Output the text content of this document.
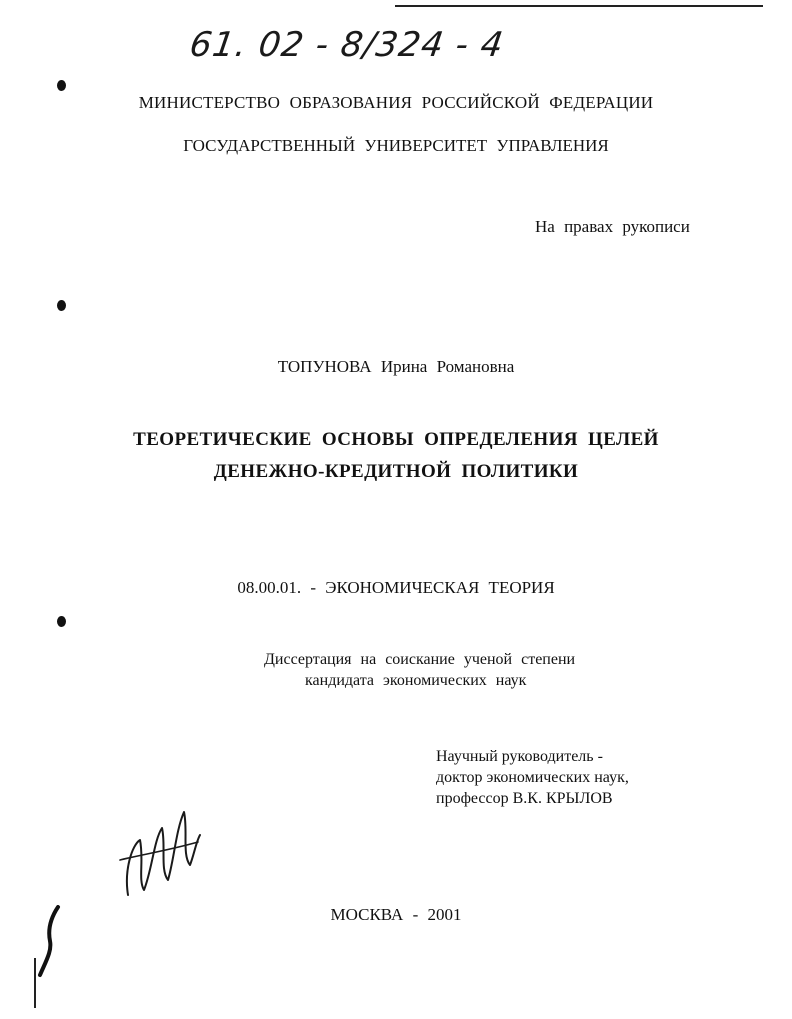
61. 02 - 8/324 - 4
МИНИСТЕРСТВО ОБРАЗОВАНИЯ РОССИЙСКОЙ ФЕДЕРАЦИИ
ГОСУДАРСТВЕННЫЙ УНИВЕРСИТЕТ УПРАВЛЕНИЯ
На правах рукописи
ТОПУНОВА Ирина Романовна
ТЕОРЕТИЧЕСКИЕ ОСНОВЫ ОПРЕДЕЛЕНИЯ ЦЕЛЕЙ
ДЕНЕЖНО-КРЕДИТНОЙ ПОЛИТИКИ
08.00.01. - ЭКОНОМИЧЕСКАЯ ТЕОРИЯ
Диссертация на соискание ученой степени
кандидата экономических наук
Научный руководитель -
доктор экономических наук,
профессор В.К. КРЫЛОВ
МОСКВА - 2001
